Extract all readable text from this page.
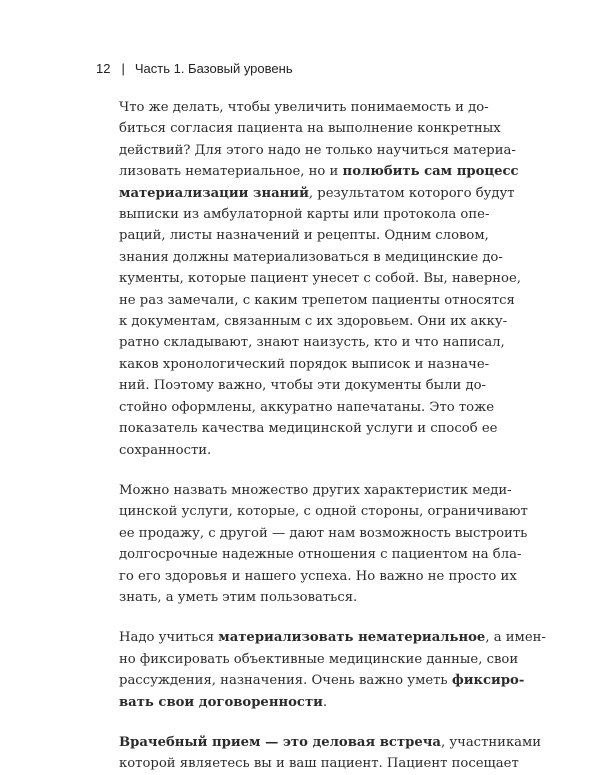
12 | Часть 1. Базовый уровень
Что же делать, чтобы увеличить понимаемость и до-
биться согласия пациента на выполнение конкретных
действий? Для этого надо не только научиться материа-
лизовать нематериальное, но и полюбить сам процесс
материализации знаний, результатом которого будут
выписки из амбулаторной карты или протокола опе-
раций, листы назначений и рецепты. Одним словом,
знания должны материализоваться в медицинские до-
кументы, которые пациент унесет с собой. Вы, наверное,
не раз замечали, с каким трепетом пациенты относятся
к документам, связанным с их здоровьем. Они их акку-
ратно складывают, знают наизусть, кто и что написал,
каков хронологический порядок выписок и назначе-
ний. Поэтому важно, чтобы эти документы были до-
стойно оформлены, аккуратно напечатаны. Это тоже
показатель качества медицинской услуги и способ ее
сохранности.
Можно назвать множество других характеристик меди-
цинской услуги, которые, с одной стороны, ограничивают
ее продажу, с другой — дают нам возможность выстроить
долгосрочные надежные отношения с пациентом на бла-
го его здоровья и нашего успеха. Но важно не просто их
знать, а уметь этим пользоваться.
Надо учиться материализовать нематериальное, а имен-
но фиксировать объективные медицинские данные, свои
рассуждения, назначения. Очень важно уметь фиксиро-
вать свои договоренности.
Врачебный прием — это деловая встреча, участниками
которой являетесь вы и ваш пациент. Пациент посещает
